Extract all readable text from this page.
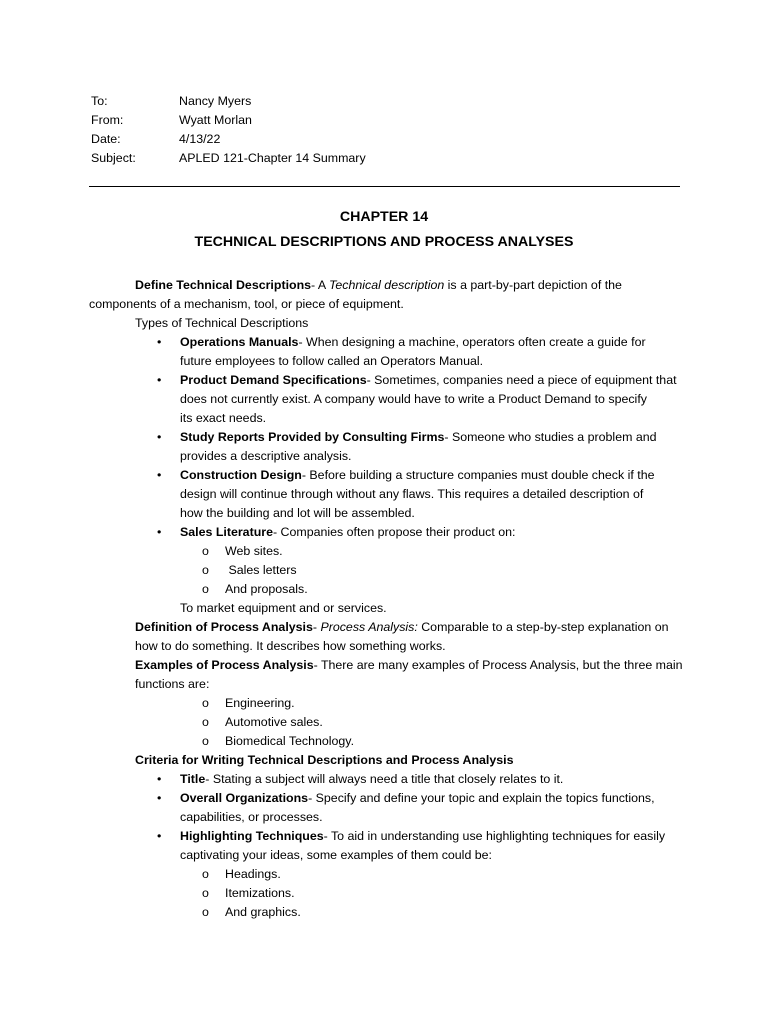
To:	Nancy Myers
From:	Wyatt Morlan
Date:	4/13/22
Subject:	APLED 121-Chapter 14 Summary
CHAPTER 14
TECHNICAL DESCRIPTIONS AND PROCESS ANALYSES
Define Technical Descriptions- A Technical description is a part-by-part depiction of the
components of a mechanism, tool, or piece of equipment.
Types of Technical Descriptions
• Operations Manuals- When designing a machine, operators often create a guide for
future employees to follow called an Operators Manual.
• Product Demand Specifications- Sometimes, companies need a piece of equipment that
does not currently exist. A company would have to write a Product Demand to specify
its exact needs.
• Study Reports Provided by Consulting Firms- Someone who studies a problem and
provides a descriptive analysis.
• Construction Design- Before building a structure companies must double check if the
design will continue through without any flaws. This requires a detailed description of
how the building and lot will be assembled.
• Sales Literature- Companies often propose their product on:
o Web sites.
o Sales letters
o And proposals.
To market equipment and or services.
Definition of Process Analysis- Process Analysis: Comparable to a step-by-step explanation on
how to do something. It describes how something works.
Examples of Process Analysis- There are many examples of Process Analysis, but the three main
functions are:
o Engineering.
o Automotive sales.
o Biomedical Technology.
Criteria for Writing Technical Descriptions and Process Analysis
• Title- Stating a subject will always need a title that closely relates to it.
• Overall Organizations- Specify and define your topic and explain the topics functions,
capabilities, or processes.
• Highlighting Techniques- To aid in understanding use highlighting techniques for easily
captivating your ideas, some examples of them could be:
o Headings.
o Itemizations.
o And graphics.
